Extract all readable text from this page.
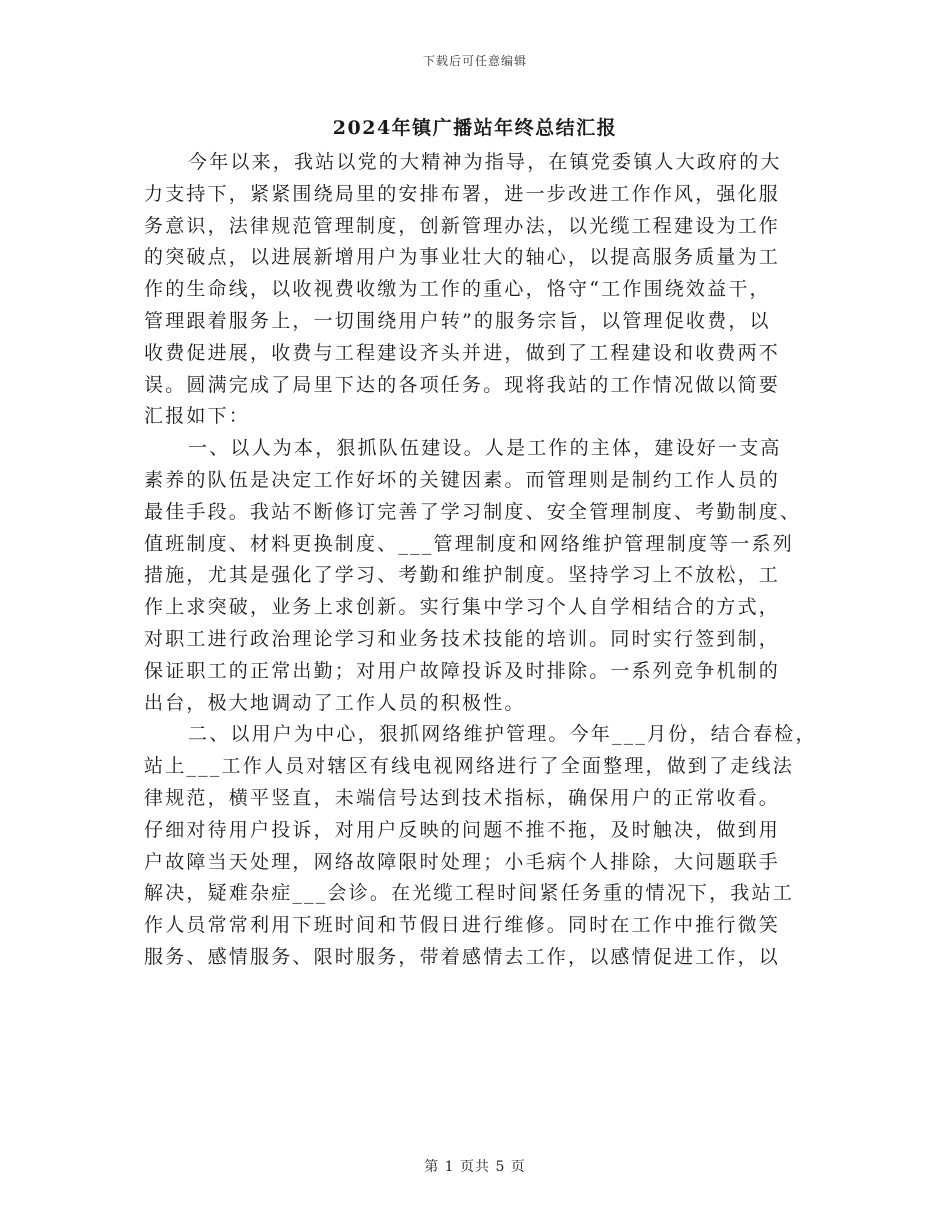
下载后可任意编辑
2024年镇广播站年终总结汇报
今年以来，我站以党的大精神为指导，在镇党委镇人大政府的大
力支持下，紧紧围绕局里的安排布署，进一步改进工作作风，强化服
务意识，法律规范管理制度，创新管理办法，以光缆工程建设为工作
的突破点，以进展新增用户为事业壮大的轴心，以提高服务质量为工
作的生命线，以收视费收缴为工作的重心，恪守“工作围绕效益干，
管理跟着服务上，一切围绕用户转”的服务宗旨，以管理促收费，以
收费促进展，收费与工程建设齐头并进，做到了工程建设和收费两不
误。圆满完成了局里下达的各项任务。现将我站的工作情况做以简要
汇报如下：
一、以人为本，狠抓队伍建设。人是工作的主体，建设好一支高
素养的队伍是决定工作好坏的关键因素。而管理则是制约工作人员的
最佳手段。我站不断修订完善了学习制度、安全管理制度、考勤制度、
值班制度、材料更换制度、___管理制度和网络维护管理制度等一系列
措施，尤其是强化了学习、考勤和维护制度。坚持学习上不放松，工
作上求突破，业务上求创新。实行集中学习个人自学相结合的方式，
对职工进行政治理论学习和业务技术技能的培训。同时实行签到制，
保证职工的正常出勤；对用户故障投诉及时排除。一系列竞争机制的
出台，极大地调动了工作人员的积极性。
二、以用户为中心，狠抓网络维护管理。今年___月份，结合春检，
站上___工作人员对辖区有线电视网络进行了全面整理，做到了走线法
律规范，横平竖直，未端信号达到技术指标，确保用户的正常收看。
仔细对待用户投诉，对用户反映的问题不推不拖，及时触决，做到用
户故障当天处理，网络故障限时处理；小毛病个人排除，大问题联手
解决，疑难杂症___会诊。在光缆工程时间紧任务重的情况下，我站工
作人员常常利用下班时间和节假日进行维修。同时在工作中推行微笑
服务、感情服务、限时服务，带着感情去工作，以感情促进工作，以
第 1 页共 5 页
